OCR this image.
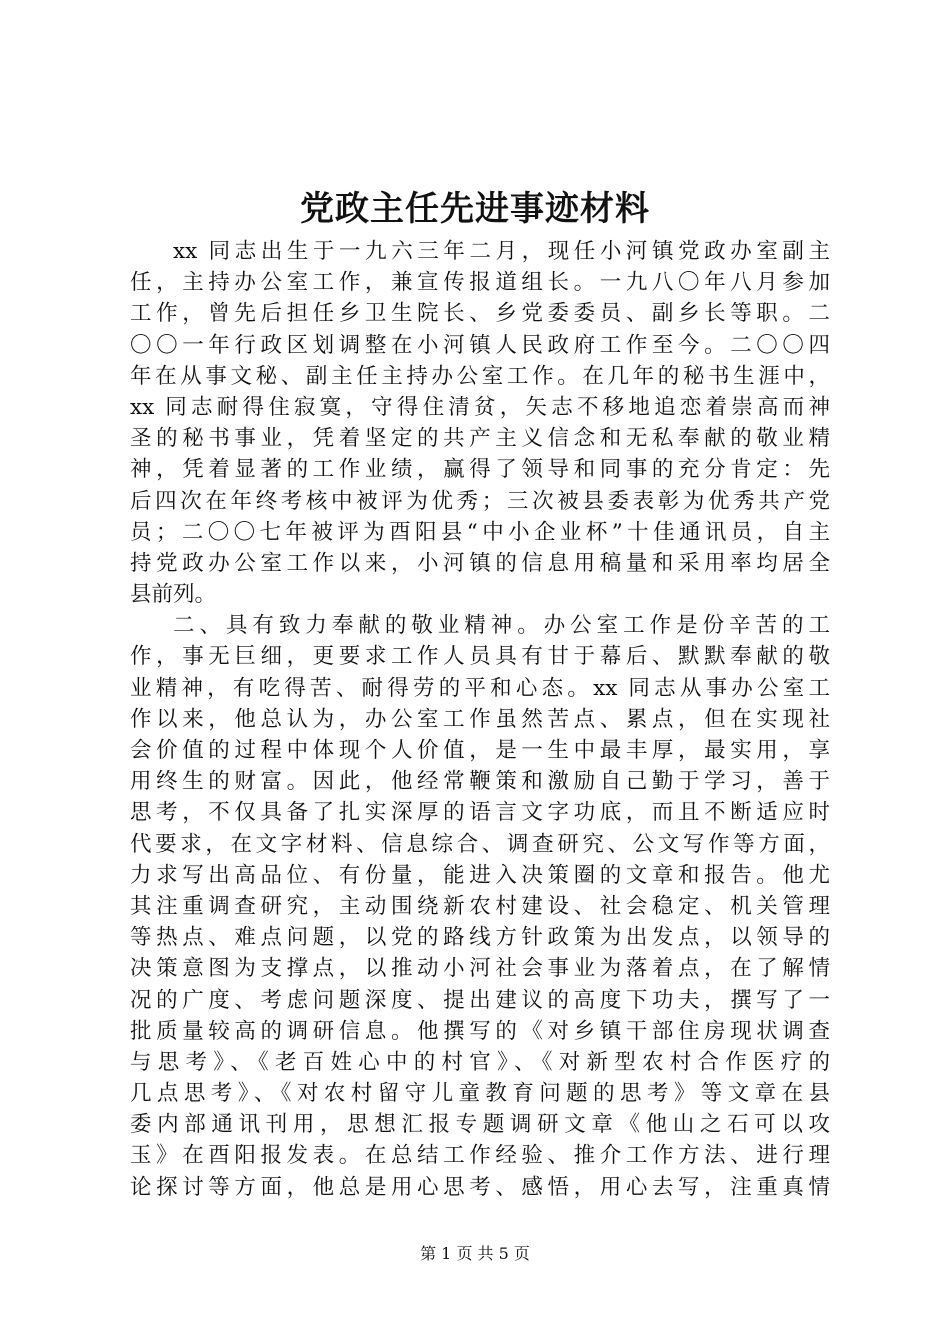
党政主任先进事迹材料
xx 同志出生于一九六三年二月，现任小河镇党政办室副主
任，主持办公室工作，兼宣传报道组长。一九八〇年八月参加
工作，曾先后担任乡卫生院长、乡党委委员、副乡长等职。二
〇〇一年行政区划调整在小河镇人民政府工作至今。二〇〇四
年在从事文秘、副主任主持办公室工作。在几年的秘书生涯中，
xx 同志耐得住寂寞，守得住清贫，矢志不移地追恋着崇高而神
圣的秘书事业，凭着坚定的共产主义信念和无私奉献的敬业精
神，凭着显著的工作业绩，赢得了领导和同事的充分肯定：先
后四次在年终考核中被评为优秀；三次被县委表彰为优秀共产党
员；二〇〇七年被评为酉阳县“中小企业杯”十佳通讯员，自主
持党政办公室工作以来，小河镇的信息用稿量和采用率均居全
县前列。
二、具有致力奉献的敬业精神。办公室工作是份辛苦的工
作，事无巨细，更要求工作人员具有甘于幕后、默默奉献的敬
业精神，有吃得苦、耐得劳的平和心态。xx 同志从事办公室工
作以来，他总认为，办公室工作虽然苦点、累点，但在实现社
会价值的过程中体现个人价值，是一生中最丰厚，最实用，享
用终生的财富。因此，他经常鞭策和激励自己勤于学习，善于
思考，不仅具备了扎实深厚的语言文字功底，而且不断适应时
代要求，在文字材料、信息综合、调查研究、公文写作等方面，
力求写出高品位、有份量，能进入决策圈的文章和报告。他尤
其注重调查研究，主动围绕新农村建设、社会稳定、机关管理
等热点、难点问题，以党的路线方针政策为出发点，以领导的
决策意图为支撑点，以推动小河社会事业为落着点，在了解情
况的广度、考虑问题深度、提出建议的高度下功夫，撰写了一
批质量较高的调研信息。他撰写的《对乡镇干部住房现状调查
与思考》、《老百姓心中的村官》、《对新型农村合作医疗的
几点思考》、《对农村留守儿童教育问题的思考》等文章在县
委内部通讯刊用，思想汇报专题调研文章《他山之石可以攻
玉》在酉阳报发表。在总结工作经验、推介工作方法、进行理
论探讨等方面，他总是用心思考、感悟，用心去写，注重真情
第 1 页 共 5 页
